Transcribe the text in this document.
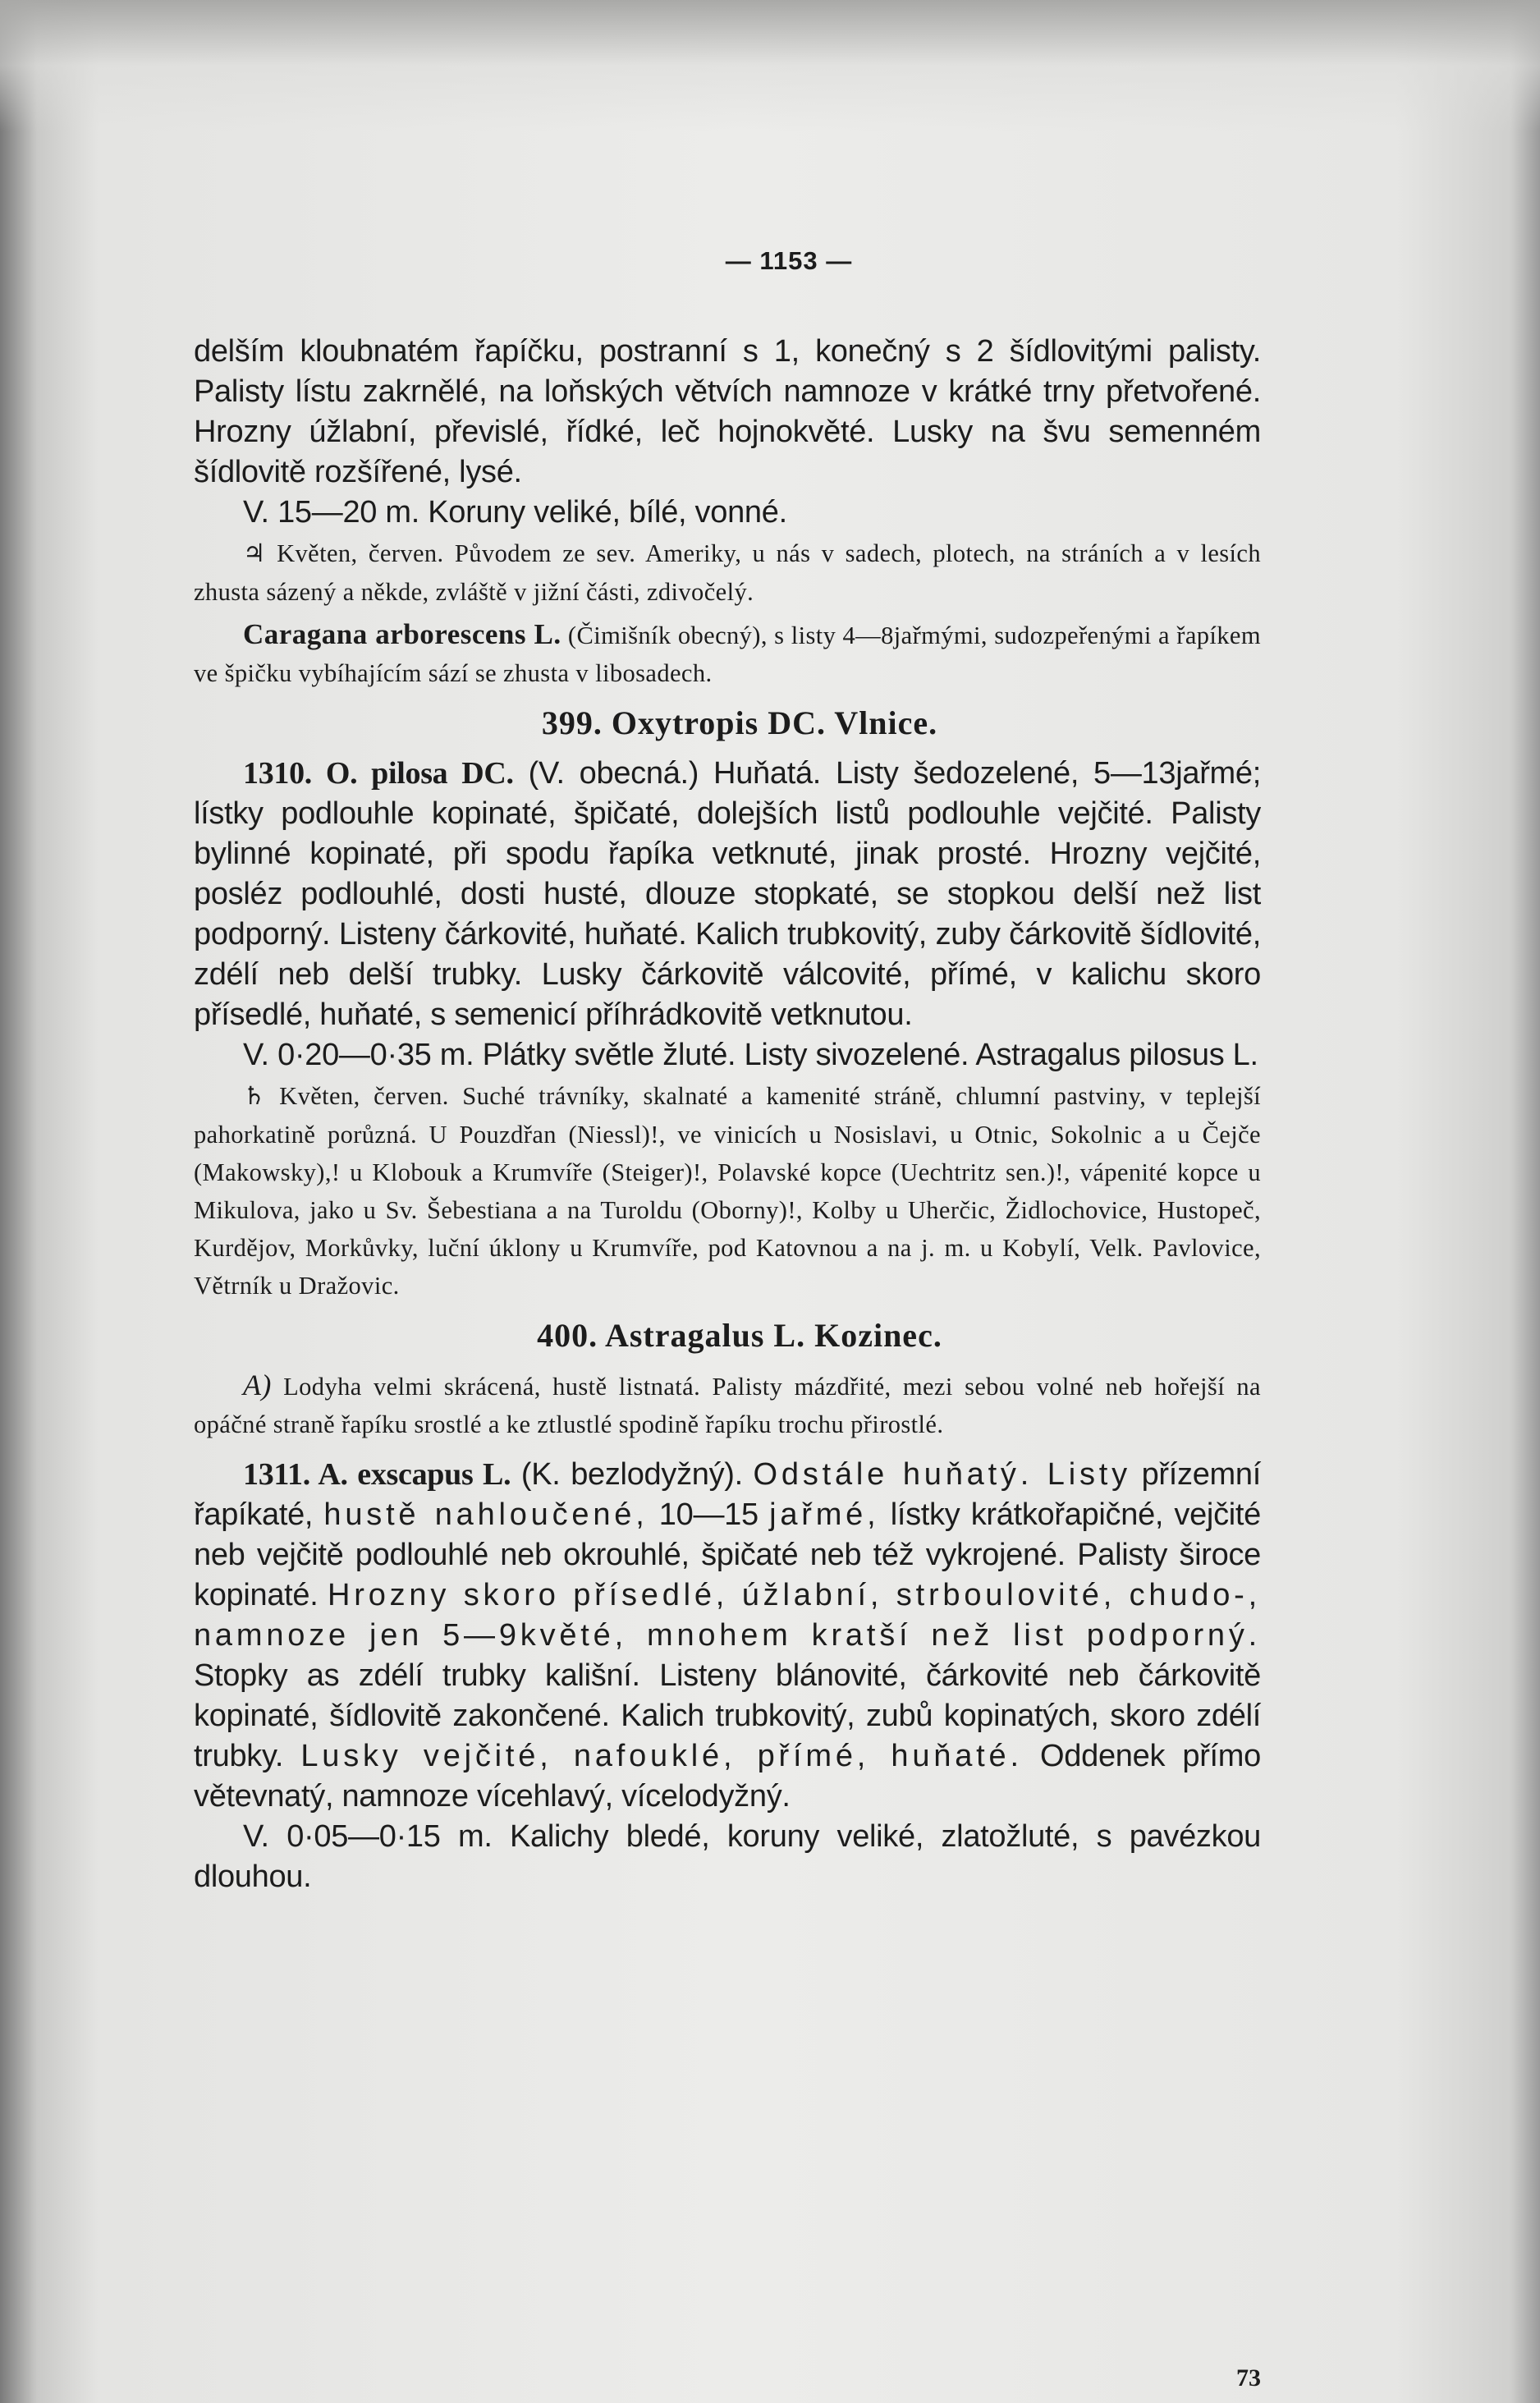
— 1153 —

delším kloubnatém řapíčku, postranní s 1, konečný s 2 šídlovitými palisty. Palisty lístu zakrnělé, na loňských větvích namnoze v krátké trny přetvořené. Hrozny úžlabní, převislé, řídké, leč hojnokvěté. Lusky na švu semenném šídlovitě rozšířené, lysé.

V. 15—20 m. Koruny veliké, bílé, vonné.

♃ Květen, červen. Původem ze sev. Ameriky, u nás v sadech, plotech, na stráních a v lesích zhusta sázený a někde, zvláště v jižní části, zdivočelý.

Caragana arborescens L. (Čimišník obecný), s listy 4—8jařmými, sudozpeřenými a řapíkem ve špičku vybíhajícím sází se zhusta v libosadech.

399. Oxytropis DC. Vlnice.

1310. O. pilosa DC. (V. obecná.) Huňatá. Listy šedozelené, 5—13jařmé; lístky podlouhle kopinaté, špičaté, dolejších listů podlouhle vejčité. Palisty bylinné kopinaté, při spodu řapíka vetknuté, jinak prosté. Hrozny vejčité, posléz podlouhlé, dosti husté, dlouze stopkaté, se stopkou delší než list podporný. Listeny čárkovité, huňaté. Kalich trubkovitý, zuby čárkovitě šídlovité, zdélí neb delší trubky. Lusky čárkovitě válcovité, přímé, v kalichu skoro přísedlé, huňaté, s semenicí příhrádkovitě vetknutou.

V. 0·20—0·35 m. Plátky světle žluté. Listy sivozelené. Astragalus pilosus L.

♄ Květen, červen. Suché trávníky, skalnaté a kamenité stráně, chlumní pastviny, v teplejší pahorkatině porůzná. U Pouzdřan (Niessl)!, ve vinicích u Nosislavi, u Otnic, Sokolnic a u Čejče (Makowsky),! u Klobouk a Krumvíře (Steiger)!, Polavské kopce (Uechtritz sen.)!, vápenité kopce u Mikulova, jako u Sv. Šebestiana a na Turoldu (Oborny)!, Kolby u Uherčic, Židlochovice, Hustopeč, Kurdějov, Morkůvky, luční úklony u Krumvíře, pod Katovnou a na j. m. u Kobylí, Velk. Pavlovice, Větrník u Dražovic.

400. Astragalus L. Kozinec.

A) Lodyha velmi skrácená, hustě listnatá. Palisty mázdřité, mezi sebou volné neb hořejší na opáčné straně řapíku srostlé a ke ztlustlé spodině řapíku trochu přirostlé.

1311. A. exscapus L. (K. bezlodyžný). Odstále huňatý. Listy přízemní řapíkaté, hustě nahloučené, 10—15 jařmé, lístky krátkořapičné, vejčité neb vejčitě podlouhlé neb okrouhlé, špičaté neb též vykrojené. Palisty široce kopinaté. Hrozny skoro přísedlé, úžlabní, strboulovité, chudo-, namnoze jen 5—9květé, mnohem kratší než list podporný. Stopky as zdélí trubky kališní. Listeny blánovité, čárkovité neb čárkovitě kopinaté, šídlovitě zakončené. Kalich trubkovitý, zubů kopinatých, skoro zdélí trubky. Lusky vejčité, nafouklé, přímé, huňaté. Oddenek přímo větevnatý, namnoze vícehlavý, vícelodyžný.

V. 0·05—0·15 m. Kalichy bledé, koruny veliké, zlatožluté, s pavézkou dlouhou.

73
